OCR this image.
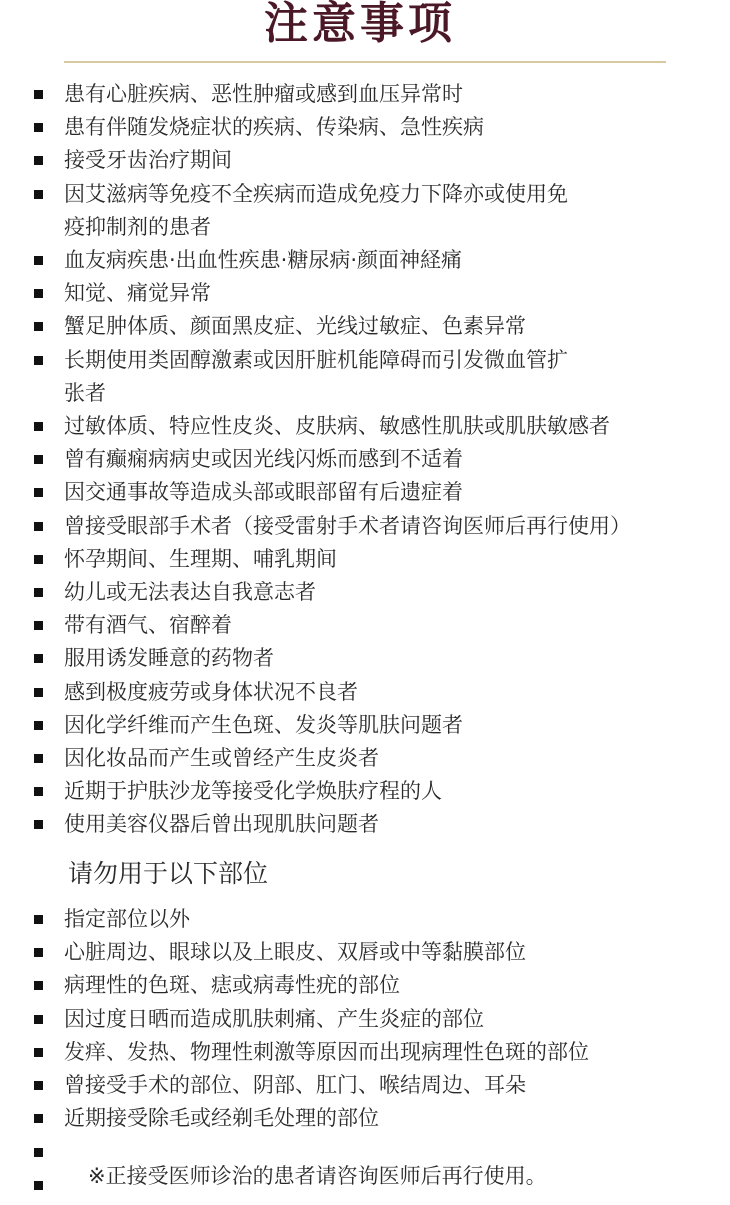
注意事项
患有心脏疾病、恶性肿瘤或感到血压异常时
患有伴随发烧症状的疾病、传染病、急性疾病
接受牙齿治疗期间
因艾滋病等免疫不全疾病而造成免疫力下降亦或使用免
疫抑制剂的患者
血友病疾患·出血性疾患·糖尿病·颜面神経痛
知觉、痛觉异常
蟹足肿体质、颜面黑皮症、光线过敏症、色素异常
长期使用类固醇激素或因肝脏机能障碍而引发微血管扩
张者
过敏体质、特应性皮炎、皮肤病、敏感性肌肤或肌肤敏感者
曾有癫痫病病史或因光线闪烁而感到不适着
因交通事故等造成头部或眼部留有后遗症着
曾接受眼部手术者（接受雷射手术者请咨询医师后再行使用）
怀孕期间、生理期、哺乳期间
幼儿或无法表达自我意志者
带有酒气、宿醉着
服用诱发睡意的药物者
感到极度疲劳或身体状况不良者
因化学纤维而产生色斑、发炎等肌肤问题者
因化妆品而产生或曾经产生皮炎者
近期于护肤沙龙等接受化学焕肤疗程的人
使用美容仪器后曾出现肌肤问题者
请勿用于以下部位
指定部位以外
心脏周边、眼球以及上眼皮、双唇或中等黏膜部位
病理性的色斑、痣或病毒性疣的部位
因过度日晒而造成肌肤刺痛、产生炎症的部位
发痒、发热、物理性刺激等原因而出现病理性色斑的部位
曾接受手术的部位、阴部、肛门、喉结周边、耳朵
近期接受除毛或经剃毛处理的部位
※正接受医师诊治的患者请咨询医师后再行使用。
